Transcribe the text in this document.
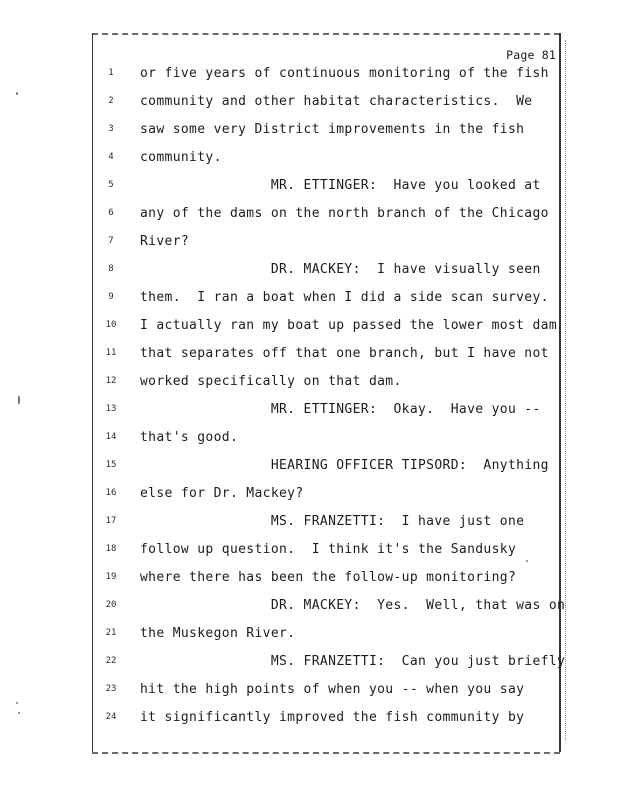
Page 81
1	or five years of continuous monitoring of the fish
2	community and other habitat characteristics.  We
3	saw some very District improvements in the fish
4	community.
5	MR. ETTINGER:  Have you looked at
6	any of the dams on the north branch of the Chicago
7	River?
8	DR. MACKEY:  I have visually seen
9	them.  I ran a boat when I did a side scan survey.
10	I actually ran my boat up passed the lower most dam
11	that separates off that one branch, but I have not
12	worked specifically on that dam.
13	MR. ETTINGER:  Okay.  Have you --
14	that's good.
15	HEARING OFFICER TIPSORD:  Anything
16	else for Dr. Mackey?
17	MS. FRANZETTI:  I have just one
18	follow up question.  I think it's the Sandusky
19	where there has been the follow-up monitoring?
20	DR. MACKEY:  Yes.  Well, that was on
21	the Muskegon River.
22	MS. FRANZETTI:  Can you just briefly
23	hit the high points of when you -- when you say
24	it significantly improved the fish community by
